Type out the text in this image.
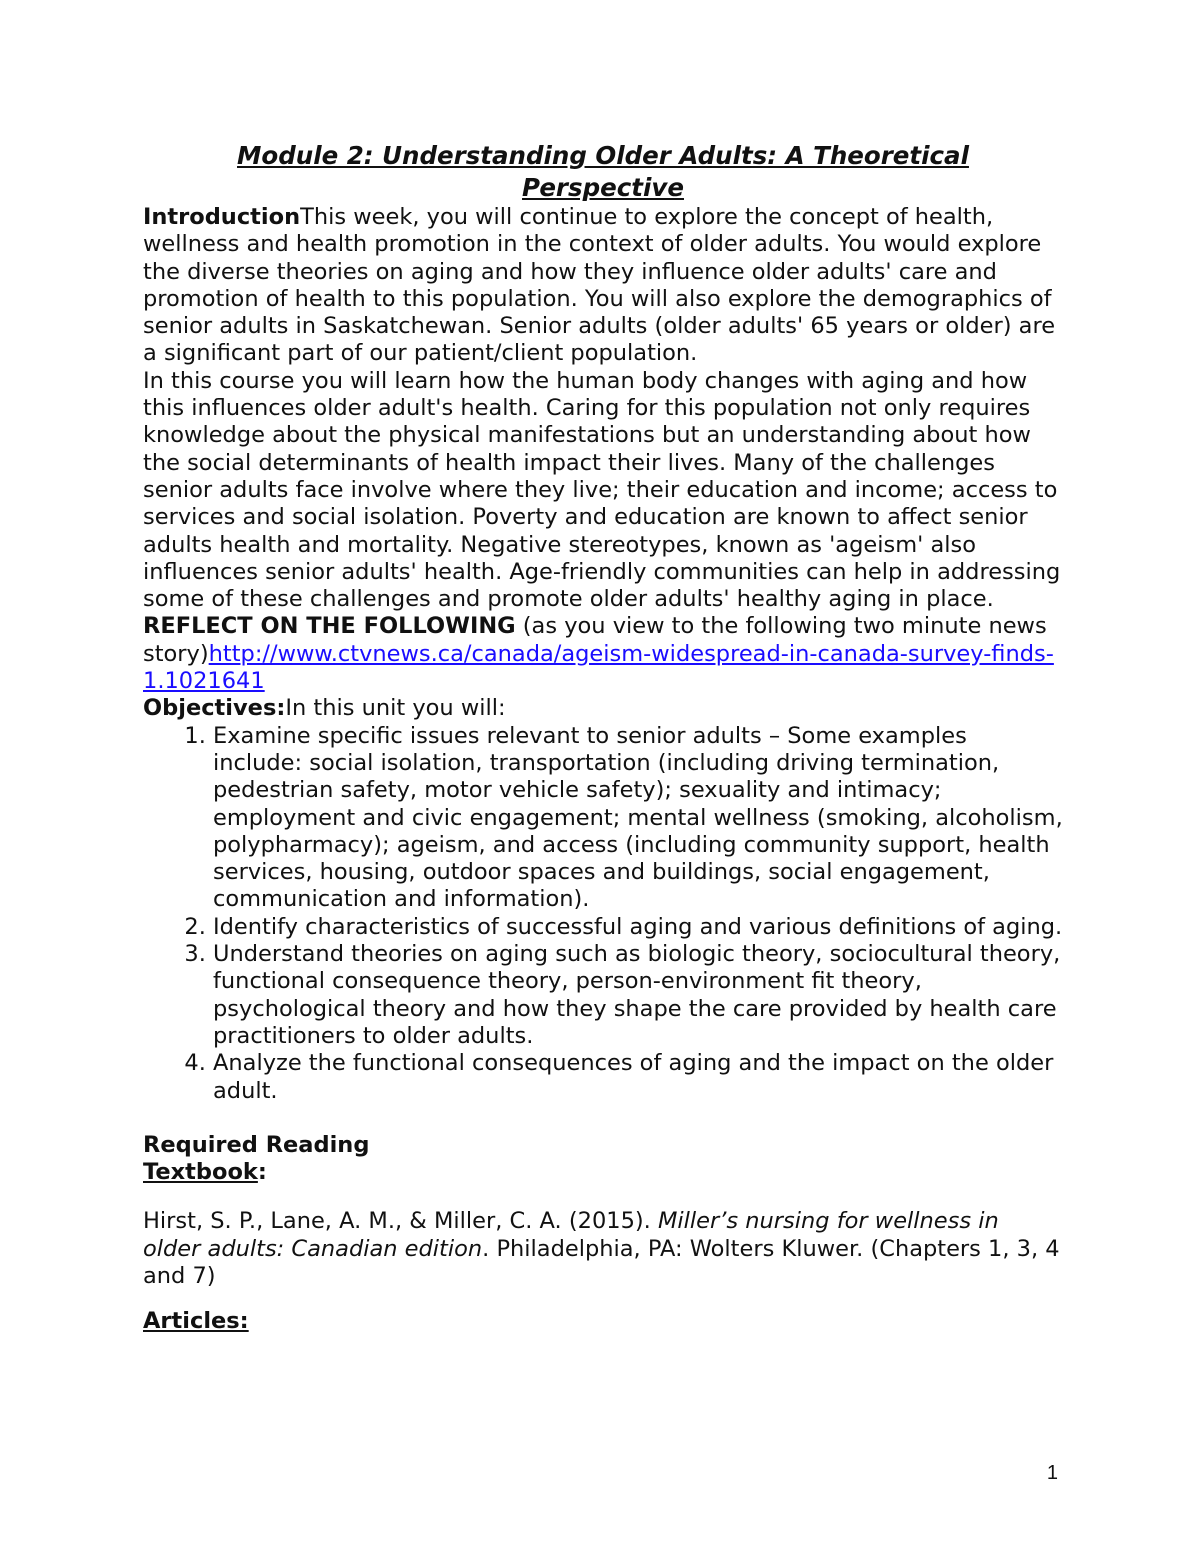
Module 2: Understanding Older Adults: A Theoretical Perspective

IntroductionThis week, you will continue to explore the concept of health, wellness and health promotion in the context of older adults. You would explore the diverse theories on aging and how they influence older adults' care and promotion of health to this population. You will also explore the demographics of senior adults in Saskatchewan. Senior adults (older adults' 65 years or older) are a significant part of our patient/client population.

In this course you will learn how the human body changes with aging and how this influences older adult's health. Caring for this population not only requires knowledge about the physical manifestations but an understanding about how the social determinants of health impact their lives. Many of the challenges senior adults face involve where they live; their education and income; access to services and social isolation. Poverty and education are known to affect senior adults health and mortality. Negative stereotypes, known as 'ageism' also influences senior adults' health. Age-friendly communities can help in addressing some of these challenges and promote older adults' healthy aging in place.

REFLECT ON THE FOLLOWING (as you view to the following two minute news story)http://www.ctvnews.ca/canada/ageism-widespread-in-canada-survey-finds-1.1021641

Objectives:In this unit you will:

1. Examine specific issues relevant to senior adults – Some examples include: social isolation, transportation (including driving termination, pedestrian safety, motor vehicle safety); sexuality and intimacy; employment and civic engagement; mental wellness (smoking, alcoholism, polypharmacy); ageism, and access (including community support, health services, housing, outdoor spaces and buildings, social engagement, communication and information).
2. Identify characteristics of successful aging and various definitions of aging.
3. Understand theories on aging such as biologic theory, sociocultural theory, functional consequence theory, person-environment fit theory, psychological theory and how they shape the care provided by health care practitioners to older adults.
4. Analyze the functional consequences of aging and the impact on the older adult.

Required Reading

Textbook:

Hirst, S. P., Lane, A. M., & Miller, C. A. (2015). Miller’s nursing for wellness in older adults: Canadian edition. Philadelphia, PA: Wolters Kluwer. (Chapters 1, 3, 4 and 7)

Articles:

1
